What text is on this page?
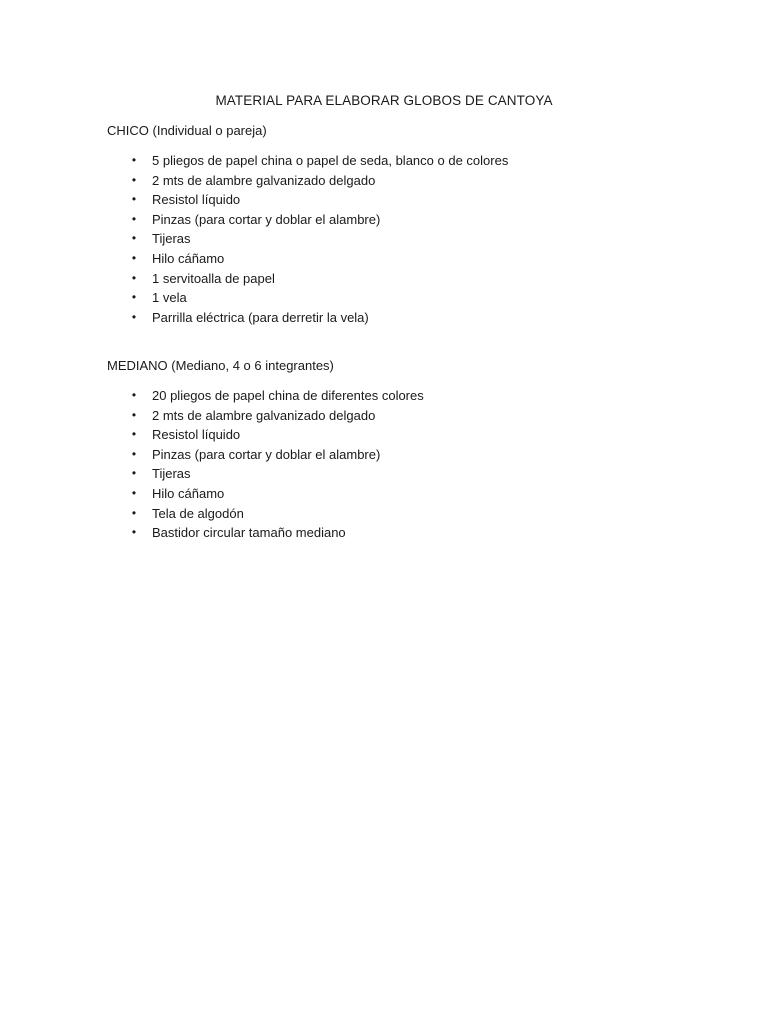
MATERIAL PARA ELABORAR GLOBOS DE CANTOYA
CHICO (Individual o pareja)
• 5 pliegos de papel china o papel de seda, blanco o de colores
• 2 mts de alambre galvanizado delgado
• Resistol líquido
• Pinzas (para cortar y doblar el alambre)
• Tijeras
• Hilo cáñamo
• 1 servitoalla de papel
• 1 vela
• Parrilla eléctrica (para derretir la vela)
MEDIANO (Mediano, 4 o 6 integrantes)
• 20 pliegos de papel china de diferentes colores
• 2 mts de alambre galvanizado delgado
• Resistol líquido
• Pinzas (para cortar y doblar el alambre)
• Tijeras
• Hilo cáñamo
• Tela de algodón
• Bastidor circular tamaño mediano
